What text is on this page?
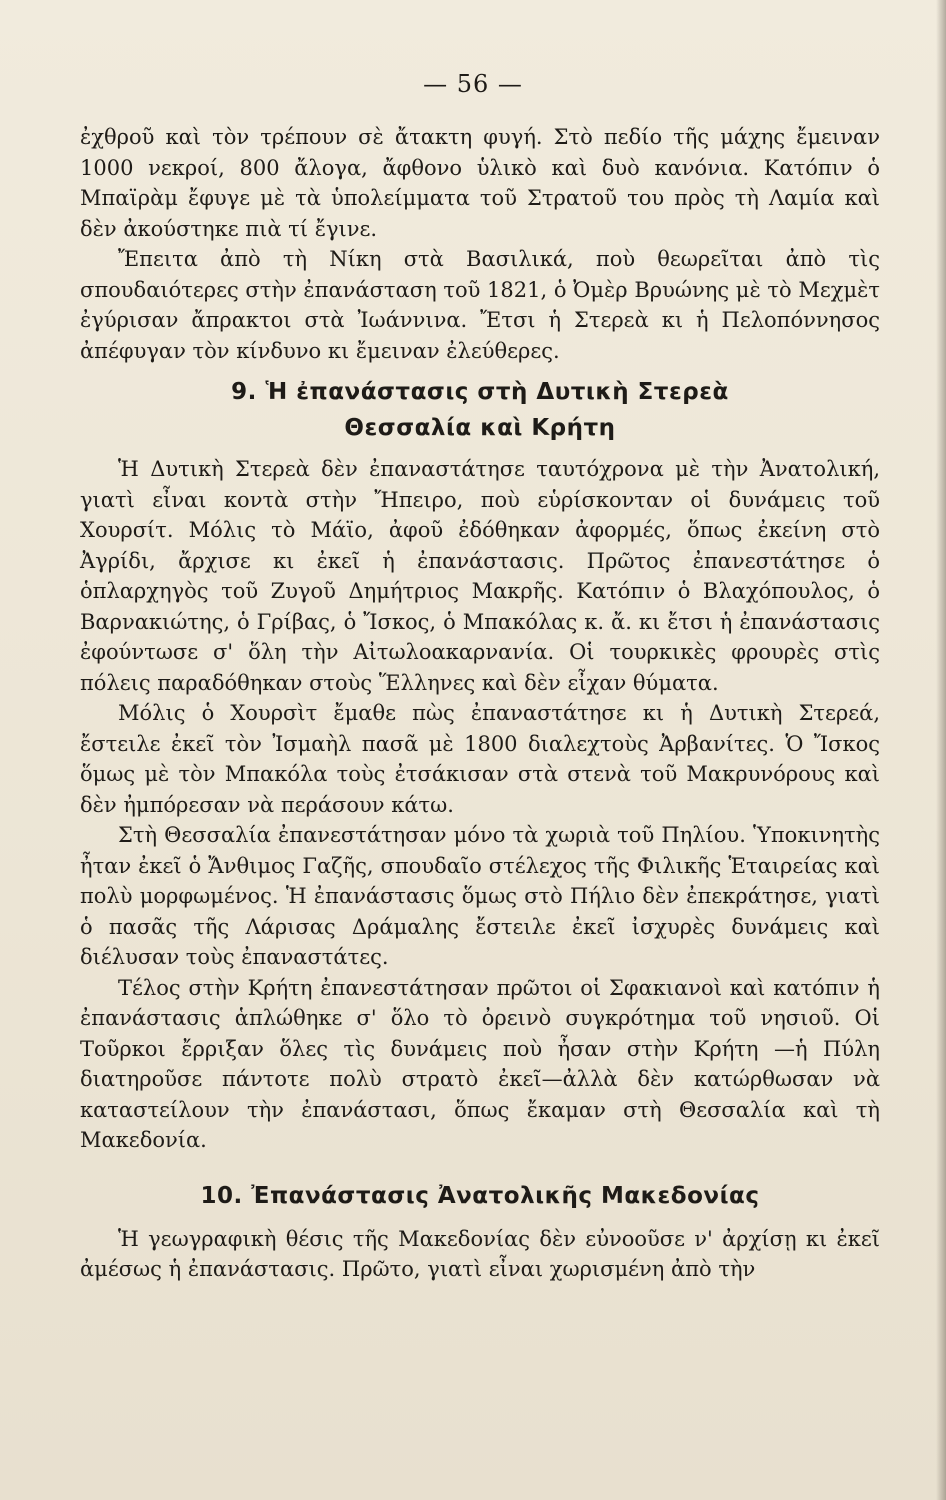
— 56 —

ἐχθροῦ καὶ τὸν τρέπουν σὲ ἄτακτη φυγή. Στὸ πεδίο τῆς μάχης ἔμειναν 1000 νεκροί, 800 ἄλογα, ἄφθονο ὑλικὸ καὶ δυὸ κανόνια. Κατόπιν ὁ Μπαϊρὰμ ἔφυγε μὲ τὰ ὑπολείμματα τοῦ Στρατοῦ του πρὸς τὴ Λαμία καὶ δὲν ἀκούστηκε πιὰ τί ἔγινε.

Ἔπειτα ἀπὸ τὴ Νίκη στὰ Βασιλικά, ποὺ θεωρεῖται ἀπὸ τὶς σπουδαιότερες στὴν ἐπανάσταση τοῦ 1821, ὁ Ὀμὲρ Βρυώνης μὲ τὸ Μεχμὲτ ἐγύρισαν ἄπρακτοι στὰ Ἰωάννινα. Ἔτσι ἡ Στερεὰ κι ἡ Πελοπόννησος ἀπέφυγαν τὸν κίνδυνο κι ἔμειναν ἐλεύθερες.

9. Ἡ ἐπανάστασις στὴ Δυτικὴ Στερεὰ
Θεσσαλία καὶ Κρήτη

Ἡ Δυτικὴ Στερεὰ δὲν ἐπαναστάτησε ταυτόχρονα μὲ τὴν Ἀνατολική, γιατὶ εἶναι κοντὰ στὴν Ἤπειρο, ποὺ εὑρίσκονταν οἱ δυνάμεις τοῦ Χουρσίτ. Μόλις τὸ Μάϊο, ἀφοῦ ἐδόθηκαν ἀφορμές, ὅπως ἐκείνη στὸ Ἀγρίδι, ἄρχισε κι ἐκεῖ ἡ ἐπανάστασις. Πρῶτος ἐπανεστάτησε ὁ ὁπλαρχηγὸς τοῦ Ζυγοῦ Δημήτριος Μακρῆς. Κατόπιν ὁ Βλαχόπουλος, ὁ Βαρνακιώτης, ὁ Γρίβας, ὁ Ἴσκος, ὁ Μπακόλας κ. ἄ. κι ἔτσι ἡ ἐπανάστασις ἐφούντωσε σ' ὅλη τὴν Αἰτωλοακαρνανία. Οἱ τουρκικὲς φρουρὲς στὶς πόλεις παραδόθηκαν στοὺς Ἕλληνες καὶ δὲν εἶχαν θύματα.

Μόλις ὁ Χουρσὶτ ἔμαθε πὼς ἐπαναστάτησε κι ἡ Δυτικὴ Στερεά, ἔστειλε ἐκεῖ τὸν Ἰσμαὴλ πασᾶ μὲ 1800 διαλεχτοὺς Ἀρβανίτες. Ὁ Ἴσκος ὅμως μὲ τὸν Μπακόλα τοὺς ἐτσάκισαν στὰ στενὰ τοῦ Μακρυνόρους καὶ δὲν ἠμπόρεσαν νὰ περάσουν κάτω.

Στὴ Θεσσαλία ἐπανεστάτησαν μόνο τὰ χωριὰ τοῦ Πηλίου. Ὑποκινητὴς ἦταν ἐκεῖ ὁ Ἄνθιμος Γαζῆς, σπουδαῖο στέλεχος τῆς Φιλικῆς Ἑταιρείας καὶ πολὺ μορφωμένος. Ἡ ἐπανάστασις ὅμως στὸ Πήλιο δὲν ἐπεκράτησε, γιατὶ ὁ πασᾶς τῆς Λάρισας Δράμαλης ἔστειλε ἐκεῖ ἰσχυρὲς δυνάμεις καὶ διέλυσαν τοὺς ἐπαναστάτες.

Τέλος στὴν Κρήτη ἐπανεστάτησαν πρῶτοι οἱ Σφακιανοὶ καὶ κατόπιν ἡ ἐπανάστασις ἁπλώθηκε σ' ὅλο τὸ ὀρεινὸ συγκρότημα τοῦ νησιοῦ. Οἱ Τοῦρκοι ἔρριξαν ὅλες τὶς δυνάμεις ποὺ ἦσαν στὴν Κρήτη —ἡ Πύλη διατηροῦσε πάντοτε πολὺ στρατὸ ἐκεῖ—ἀλλὰ δὲν κατώρθωσαν νὰ καταστείλουν τὴν ἐπανάστασι, ὅπως ἔκαμαν στὴ Θεσσαλία καὶ τὴ Μακεδονία.

10. Ἐπανάστασις Ἀνατολικῆς Μακεδονίας

Ἡ γεωγραφικὴ θέσις τῆς Μακεδονίας δὲν εὐνοοῦσε ν' ἀρχίσῃ κι ἐκεῖ ἀμέσως ἡ ἐπανάστασις. Πρῶτο, γιατὶ εἶναι χωρισμένη ἀπὸ τὴν
